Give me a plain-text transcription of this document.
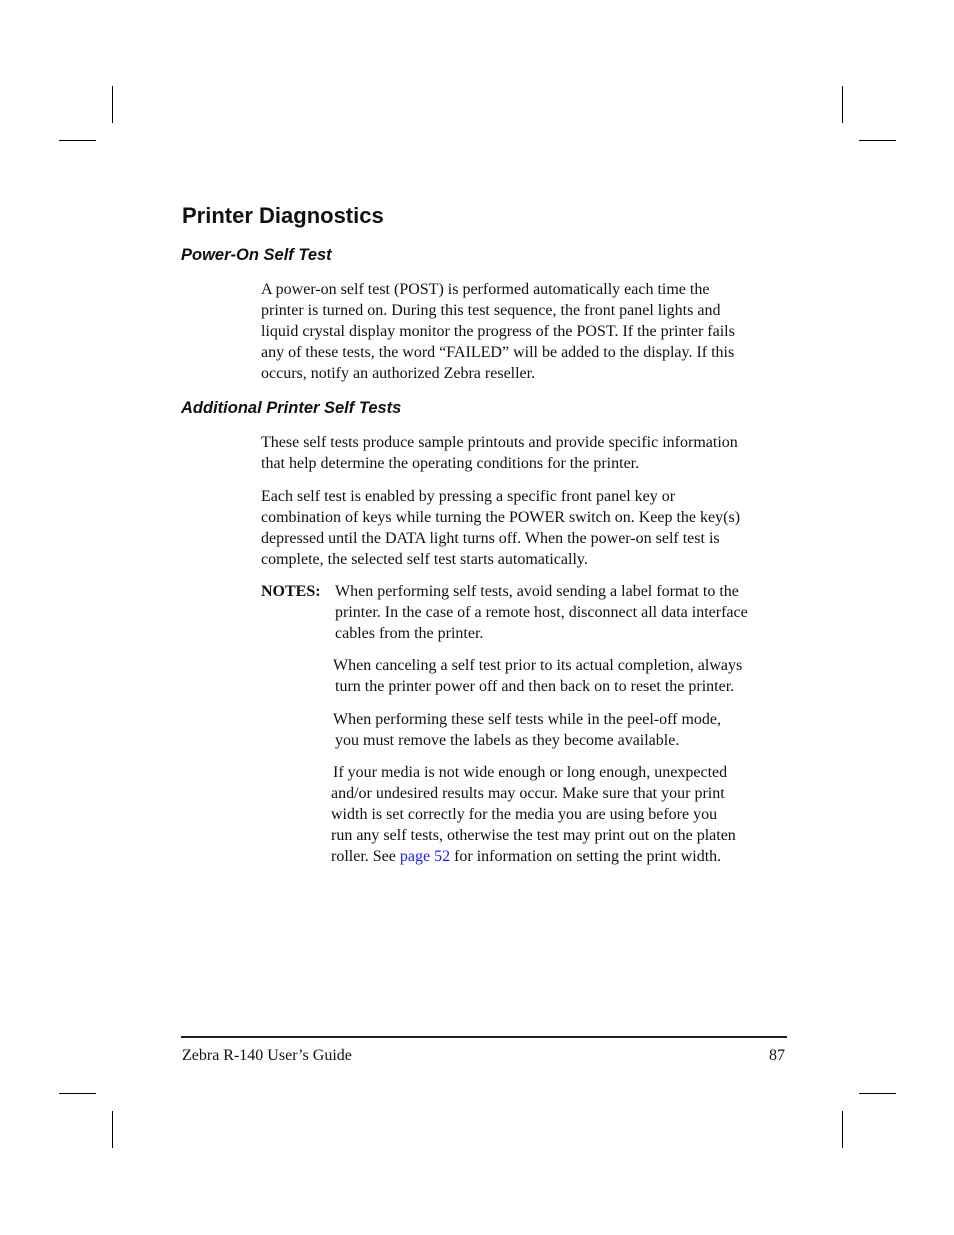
Printer Diagnostics
Power-On Self Test
A power-on self test (POST) is performed automatically each time the
printer is turned on. During this test sequence, the front panel lights and
liquid crystal display monitor the progress of the POST. If the printer fails
any of these tests, the word “FAILED” will be added to the display. If this
occurs, notify an authorized Zebra reseller.
Additional Printer Self Tests
These self tests produce sample printouts and provide specific information
that help determine the operating conditions for the printer.
Each self test is enabled by pressing a specific front panel key or
combination of keys while turning the POWER switch on. Keep the key(s)
depressed until the DATA light turns off. When the power-on self test is
complete, the selected self test starts automatically.
NOTES: When performing self tests, avoid sending a label format to the
printer. In the case of a remote host, disconnect all data interface
cables from the printer.
When canceling a self test prior to its actual completion, always
turn the printer power off and then back on to reset the printer.
When performing these self tests while in the peel-off mode,
you must remove the labels as they become available.
If your media is not wide enough or long enough, unexpected
and/or undesired results may occur. Make sure that your print
width is set correctly for the media you are using before you
run any self tests, otherwise the test may print out on the platen
roller. See page 52 for information on setting the print width.
Zebra R-140 User’s Guide	87
